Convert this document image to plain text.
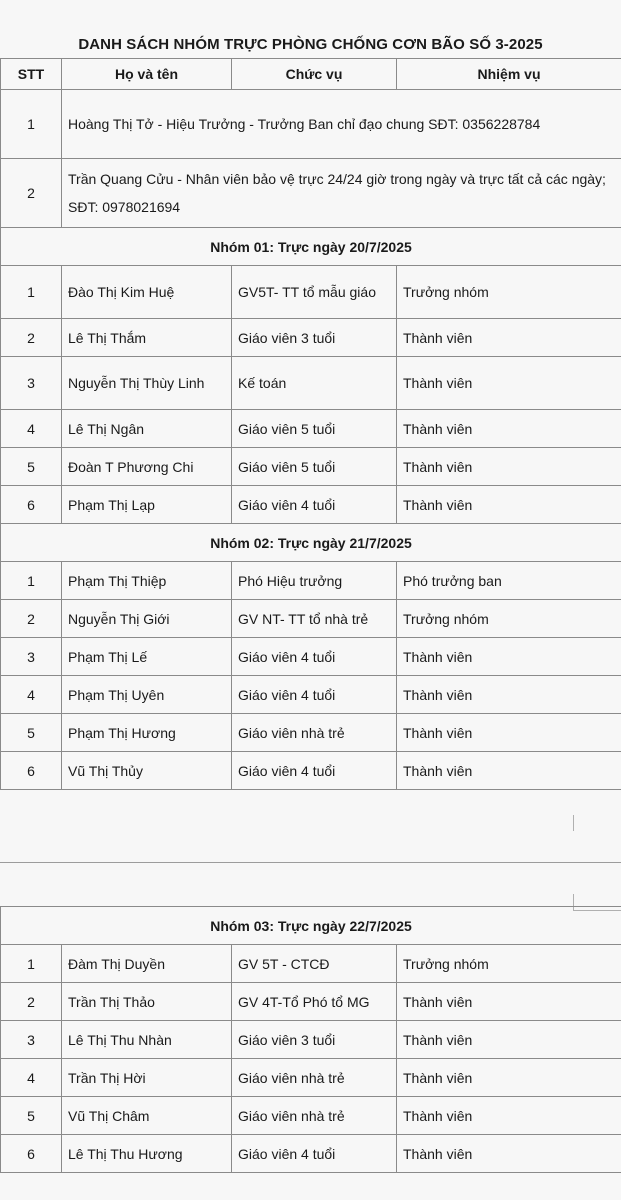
DANH SÁCH NHÓM TRỰC PHÒNG CHỐNG CƠN BÃO SỐ 3-2025
STT	Họ và tên	Chức vụ	Nhiệm vụ
1	Hoàng Thị Tở - Hiệu Trưởng - Trưởng Ban chỉ đạo chung SĐT: 0356228784		
2	Trần Quang Cửu - Nhân viên bảo vệ trực 24/24 giờ trong ngày và trực tất cả các ngày; SĐT: 0978021694		
Nhóm 01: Trực ngày 20/7/2025			
1	Đào Thị Kim Huệ	GV5T- TT tổ mẫu giáo	Trưởng nhóm
2	Lê Thị Thắm	Giáo viên 3 tuổi	Thành viên
3	Nguyễn Thị Thùy Linh	Kế toán	Thành viên
4	Lê Thị Ngân	Giáo viên 5 tuổi	Thành viên
5	Đoàn T Phương Chi	Giáo viên 5 tuổi	Thành viên
6	Phạm Thị Lạp	Giáo viên 4 tuổi	Thành viên
Nhóm 02: Trực ngày 21/7/2025			
1	Phạm Thị Thiệp	Phó Hiệu trưởng	Phó trưởng ban
2	Nguyễn Thị Giới	GV NT- TT tổ nhà trẻ	Trưởng nhóm
3	Phạm Thị Lế	Giáo viên 4 tuổi	Thành viên
4	Phạm Thị Uyên	Giáo viên 4 tuổi	Thành viên
5	Phạm Thị Hương	Giáo viên nhà trẻ	Thành viên
6	Vũ Thị Thủy	Giáo viên 4 tuổi	Thành viên
Nhóm 03: Trực ngày 22/7/2025			
1	Đàm Thị Duyền	GV 5T - CTCĐ	Trưởng nhóm
2	Trần Thị Thảo	GV 4T-Tổ Phó tổ MG	Thành viên
3	Lê Thị Thu Nhàn	Giáo viên 3 tuổi	Thành viên
4	Trần Thị Hời	Giáo viên nhà trẻ	Thành viên
5	Vũ Thị Châm	Giáo viên nhà trẻ	Thành viên
6	Lê Thị Thu Hương	Giáo viên 4 tuổi	Thành viên
